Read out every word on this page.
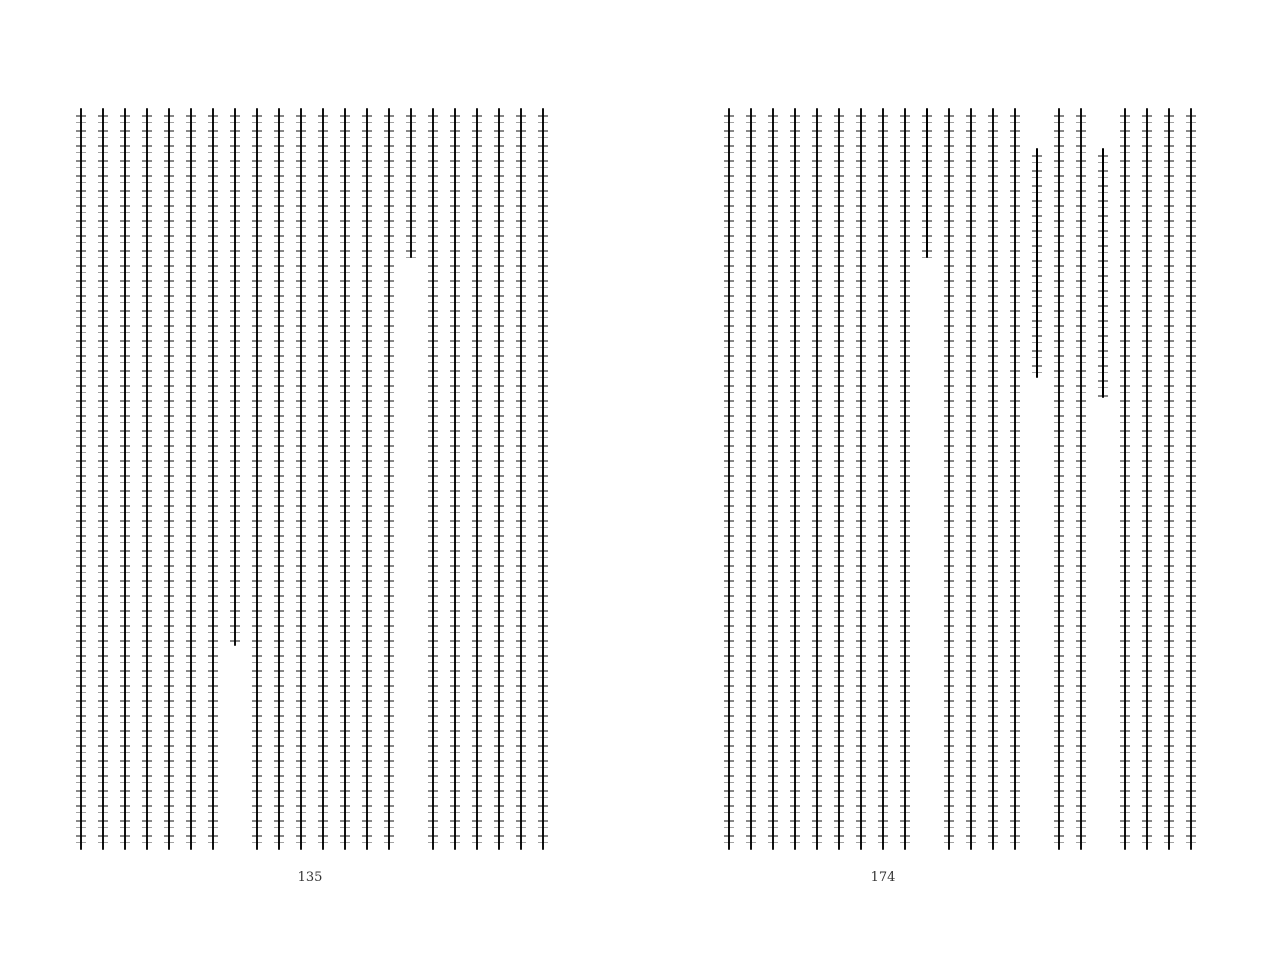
135	174
